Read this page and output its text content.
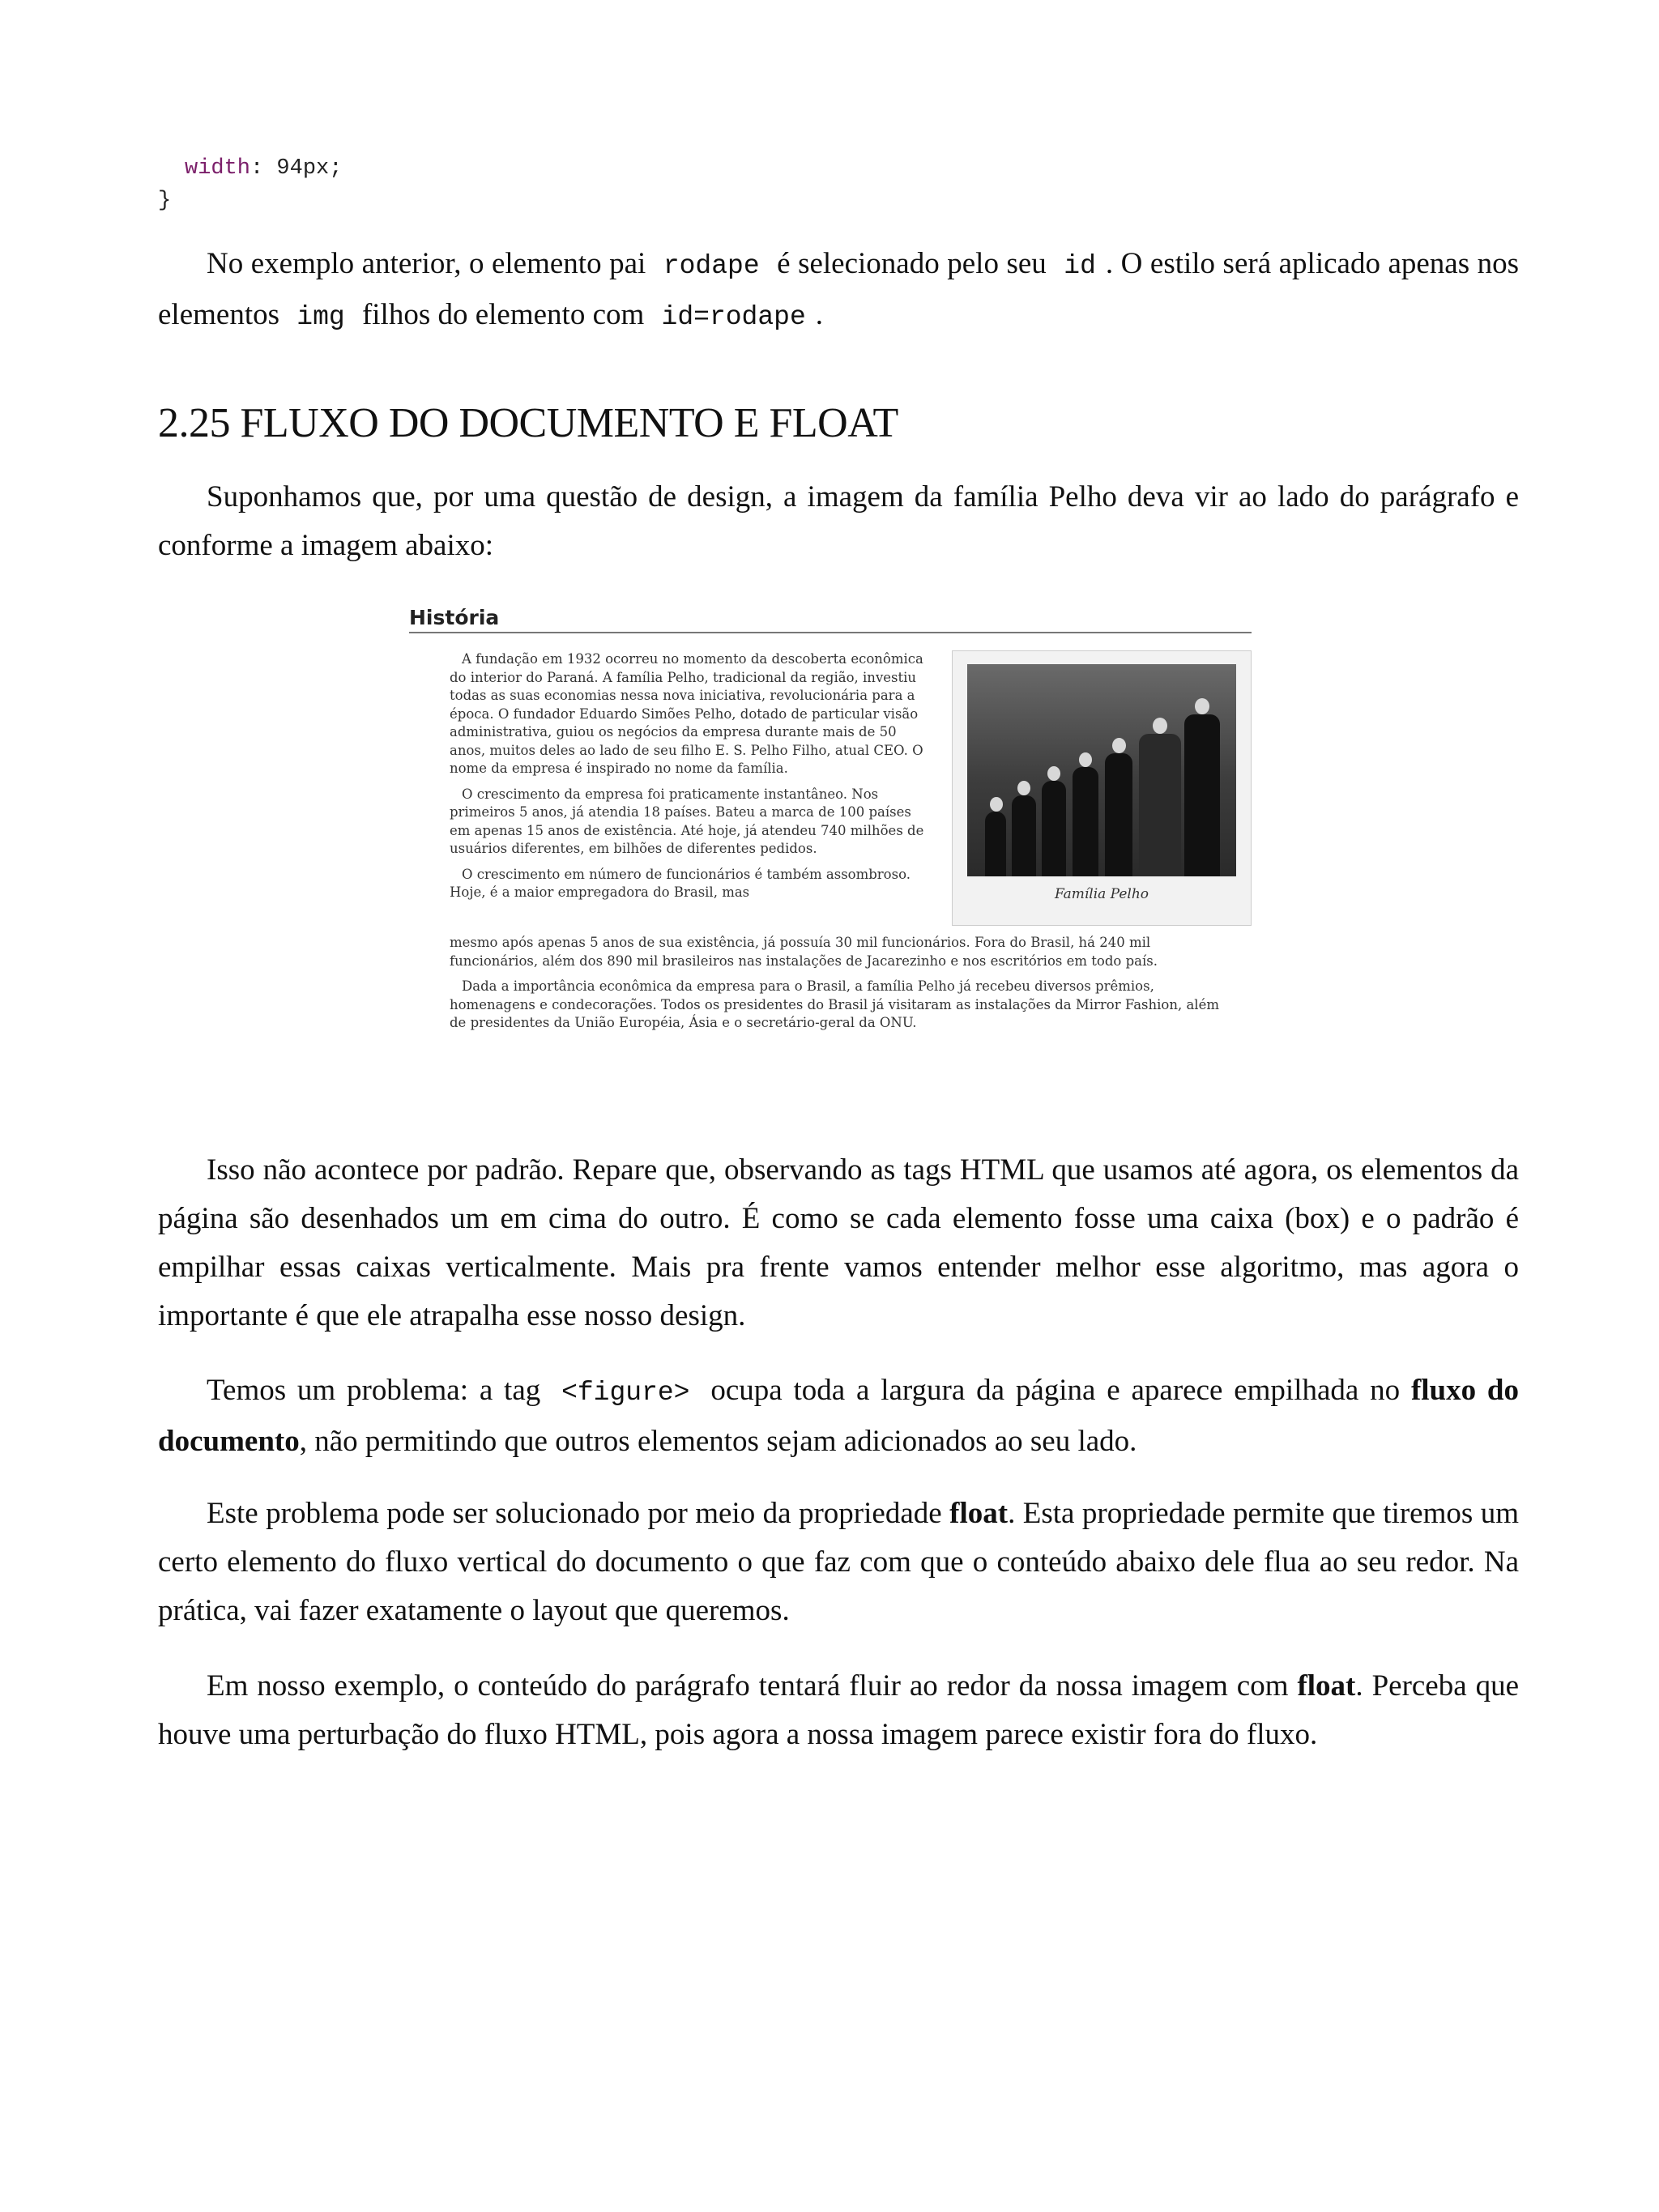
width: 94px;
}

No exemplo anterior, o elemento pai rodape é selecionado pelo seu id . O estilo será aplicado apenas nos elementos img filhos do elemento com id=rodape .

2.25 FLUXO DO DOCUMENTO E FLOAT

Suponhamos que, por uma questão de design, a imagem da família Pelho deva vir ao lado do parágrafo e conforme a imagem abaixo:

História

A fundação em 1932 ocorreu no momento da descoberta econômica do interior do Paraná. A família Pelho, tradicional da região, investiu todas as suas economias nessa nova iniciativa, revolucionária para a época. O fundador Eduardo Simões Pelho, dotado de particular visão administrativa, guiou os negócios da empresa durante mais de 50 anos, muitos deles ao lado de seu filho E. S. Pelho Filho, atual CEO. O nome da empresa é inspirado no nome da família.

O crescimento da empresa foi praticamente instantâneo. Nos primeiros 5 anos, já atendia 18 países. Bateu a marca de 100 países em apenas 15 anos de existência. Até hoje, já atendeu 740 milhões de usuários diferentes, em bilhões de diferentes pedidos.

O crescimento em número de funcionários é também assombroso. Hoje, é a maior empregadora do Brasil, mas

mesmo após apenas 5 anos de sua existência, já possuía 30 mil funcionários. Fora do Brasil, há 240 mil funcionários, além dos 890 mil brasileiros nas instalações de Jacarezinho e nos escritórios em todo país.

Dada a importância econômica da empresa para o Brasil, a família Pelho já recebeu diversos prêmios, homenagens e condecorações. Todos os presidentes do Brasil já visitaram as instalações da Mirror Fashion, além de presidentes da União Européia, Ásia e o secretário-geral da ONU.

Família Pelho

Isso não acontece por padrão. Repare que, observando as tags HTML que usamos até agora, os elementos da página são desenhados um em cima do outro. É como se cada elemento fosse uma caixa (box) e o padrão é empilhar essas caixas verticalmente. Mais pra frente vamos entender melhor esse algoritmo, mas agora o importante é que ele atrapalha esse nosso design.

Temos um problema: a tag <figure> ocupa toda a largura da página e aparece empilhada no fluxo do documento, não permitindo que outros elementos sejam adicionados ao seu lado.

Este problema pode ser solucionado por meio da propriedade float. Esta propriedade permite que tiremos um certo elemento do fluxo vertical do documento o que faz com que o conteúdo abaixo dele flua ao seu redor. Na prática, vai fazer exatamente o layout que queremos.

Em nosso exemplo, o conteúdo do parágrafo tentará fluir ao redor da nossa imagem com float. Perceba que houve uma perturbação do fluxo HTML, pois agora a nossa imagem parece existir fora do fluxo.
